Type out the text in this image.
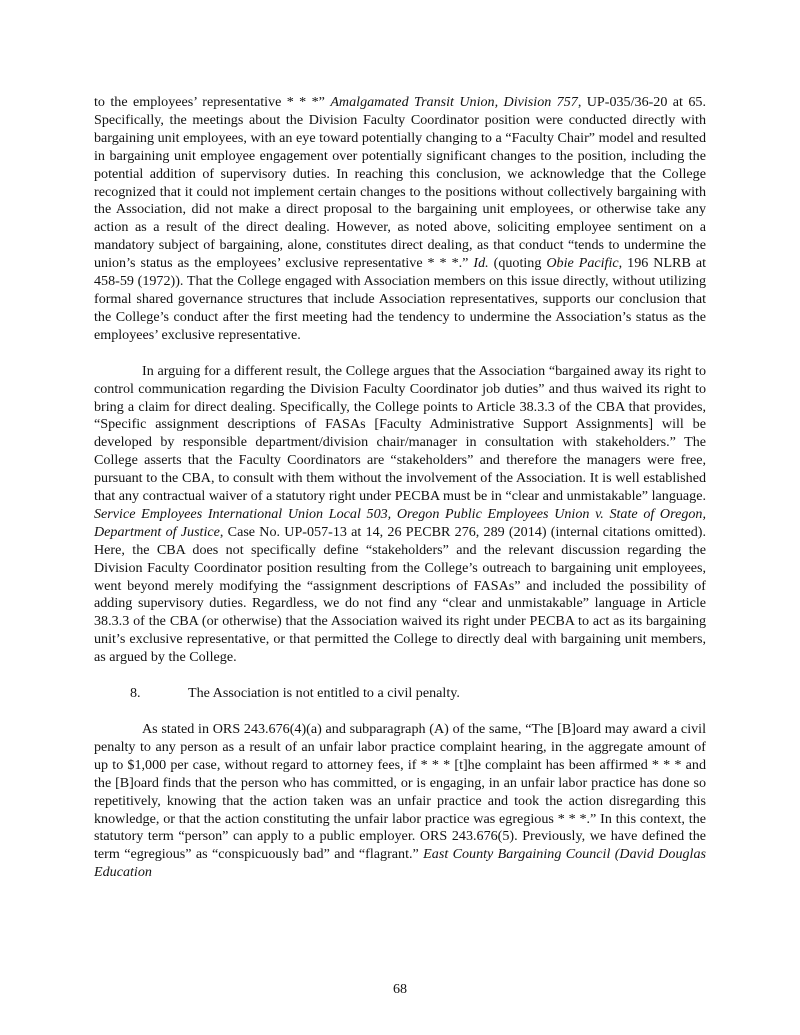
to the employees’ representative * * *” Amalgamated Transit Union, Division 757, UP-035/36-20 at 65. Specifically, the meetings about the Division Faculty Coordinator position were conducted directly with bargaining unit employees, with an eye toward potentially changing to a “Faculty Chair” model and resulted in bargaining unit employee engagement over potentially significant changes to the position, including the potential addition of supervisory duties. In reaching this conclusion, we acknowledge that the College recognized that it could not implement certain changes to the positions without collectively bargaining with the Association, did not make a direct proposal to the bargaining unit employees, or otherwise take any action as a result of the direct dealing. However, as noted above, soliciting employee sentiment on a mandatory subject of bargaining, alone, constitutes direct dealing, as that conduct “tends to undermine the union’s status as the employees’ exclusive representative * * *.” Id. (quoting Obie Pacific, 196 NLRB at 458-59 (1972)). That the College engaged with Association members on this issue directly, without utilizing formal shared governance structures that include Association representatives, supports our conclusion that the College’s conduct after the first meeting had the tendency to undermine the Association’s status as the employees’ exclusive representative.

In arguing for a different result, the College argues that the Association “bargained away its right to control communication regarding the Division Faculty Coordinator job duties” and thus waived its right to bring a claim for direct dealing. Specifically, the College points to Article 38.3.3 of the CBA that provides, “Specific assignment descriptions of FASAs [Faculty Administrative Support Assignments] will be developed by responsible department/division chair/manager in consultation with stakeholders.” The College asserts that the Faculty Coordinators are “stakeholders” and therefore the managers were free, pursuant to the CBA, to consult with them without the involvement of the Association. It is well established that any contractual waiver of a statutory right under PECBA must be in “clear and unmistakable” language. Service Employees International Union Local 503, Oregon Public Employees Union v. State of Oregon, Department of Justice, Case No. UP-057-13 at 14, 26 PECBR 276, 289 (2014) (internal citations omitted). Here, the CBA does not specifically define “stakeholders” and the relevant discussion regarding the Division Faculty Coordinator position resulting from the College’s outreach to bargaining unit employees, went beyond merely modifying the “assignment descriptions of FASAs” and included the possibility of adding supervisory duties. Regardless, we do not find any “clear and unmistakable” language in Article 38.3.3 of the CBA (or otherwise) that the Association waived its right under PECBA to act as its bargaining unit’s exclusive representative, or that permitted the College to directly deal with bargaining unit members, as argued by the College.

8.	The Association is not entitled to a civil penalty.

As stated in ORS 243.676(4)(a) and subparagraph (A) of the same, “The [B]oard may award a civil penalty to any person as a result of an unfair labor practice complaint hearing, in the aggregate amount of up to $1,000 per case, without regard to attorney fees, if * * * [t]he complaint has been affirmed * * * and the [B]oard finds that the person who has committed, or is engaging, in an unfair labor practice has done so repetitively, knowing that the action taken was an unfair practice and took the action disregarding this knowledge, or that the action constituting the unfair labor practice was egregious * * *.” In this context, the statutory term “person” can apply to a public employer. ORS 243.676(5). Previously, we have defined the term “egregious” as “conspicuously bad” and “flagrant.” East County Bargaining Council (David Douglas Education

68
